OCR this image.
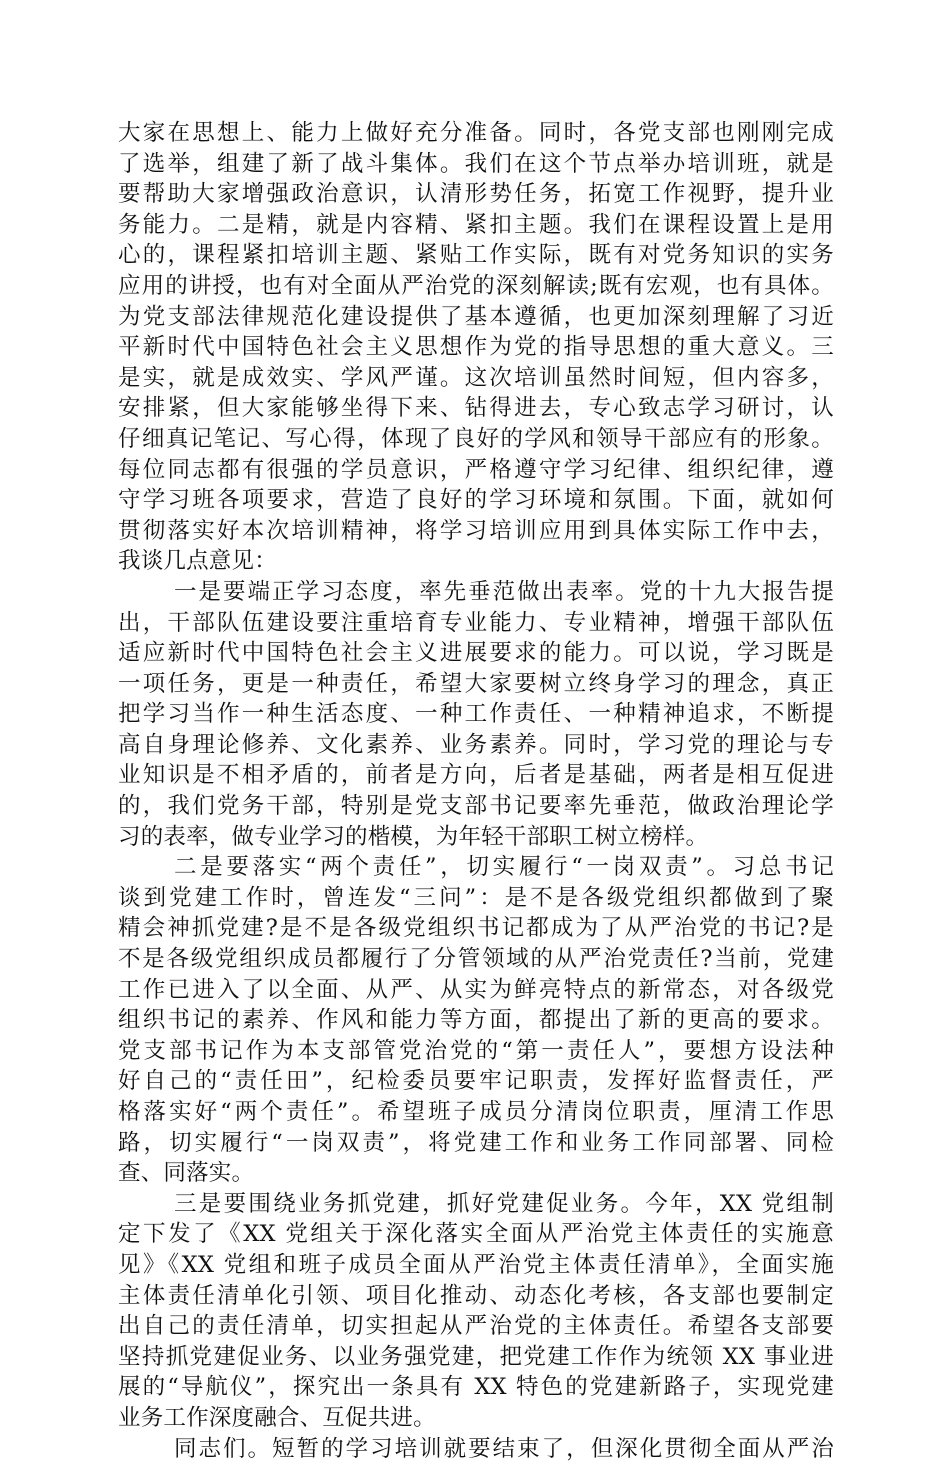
大家在思想上、能力上做好充分准备。同时，各党支部也刚刚完成
了选举，组建了新了战斗集体。我们在这个节点举办培训班，就是
要帮助大家增强政治意识，认清形势任务，拓宽工作视野，提升业
务能力。二是精，就是内容精、紧扣主题。我们在课程设置上是用
心的，课程紧扣培训主题、紧贴工作实际，既有对党务知识的实务
应用的讲授，也有对全面从严治党的深刻解读;既有宏观，也有具体。
为党支部法律规范化建设提供了基本遵循，也更加深刻理解了习近
平新时代中国特色社会主义思想作为党的指导思想的重大意义。三
是实，就是成效实、学风严谨。这次培训虽然时间短，但内容多，
安排紧，但大家能够坐得下来、钻得进去，专心致志学习研讨，认
仔细真记笔记、写心得，体现了良好的学风和领导干部应有的形象。
每位同志都有很强的学员意识，严格遵守学习纪律、组织纪律，遵
守学习班各项要求，营造了良好的学习环境和氛围。下面，就如何
贯彻落实好本次培训精神，将学习培训应用到具体实际工作中去，
我谈几点意见：

一是要端正学习态度，率先垂范做出表率。党的十九大报告提
出，干部队伍建设要注重培育专业能力、专业精神，增强干部队伍
适应新时代中国特色社会主义进展要求的能力。可以说，学习既是
一项任务，更是一种责任，希望大家要树立终身学习的理念，真正
把学习当作一种生活态度、一种工作责任、一种精神追求，不断提
高自身理论修养、文化素养、业务素养。同时，学习党的理论与专
业知识是不相矛盾的，前者是方向，后者是基础，两者是相互促进
的，我们党务干部，特别是党支部书记要率先垂范，做政治理论学
习的表率，做专业学习的楷模，为年轻干部职工树立榜样。

二是要落实“两个责任”，切实履行“一岗双责”。习总书记
谈到党建工作时，曾连发“三问”：是不是各级党组织都做到了聚
精会神抓党建?是不是各级党组织书记都成为了从严治党的书记?是
不是各级党组织成员都履行了分管领域的从严治党责任?当前，党建
工作已进入了以全面、从严、从实为鲜亮特点的新常态，对各级党
组织书记的素养、作风和能力等方面，都提出了新的更高的要求。
党支部书记作为本支部管党治党的“第一责任人”，要想方设法种
好自己的“责任田”，纪检委员要牢记职责，发挥好监督责任，严
格落实好“两个责任”。希望班子成员分清岗位职责，厘清工作思
路，切实履行“一岗双责”，将党建工作和业务工作同部署、同检
查、同落实。

三是要围绕业务抓党建，抓好党建促业务。今年，XX 党组制
定下发了《XX 党组关于深化落实全面从严治党主体责任的实施意
见》《XX 党组和班子成员全面从严治党主体责任清单》，全面实施
主体责任清单化引领、项目化推动、动态化考核，各支部也要制定
出自己的责任清单，切实担起从严治党的主体责任。希望各支部要
坚持抓党建促业务、以业务强党建，把党建工作作为统领 XX 事业进
展的“导航仪”，探究出一条具有 XX 特色的党建新路子，实现党建
业务工作深度融合、互促共进。

同志们。短暂的学习培训就要结束了，但深化贯彻全面从严治
